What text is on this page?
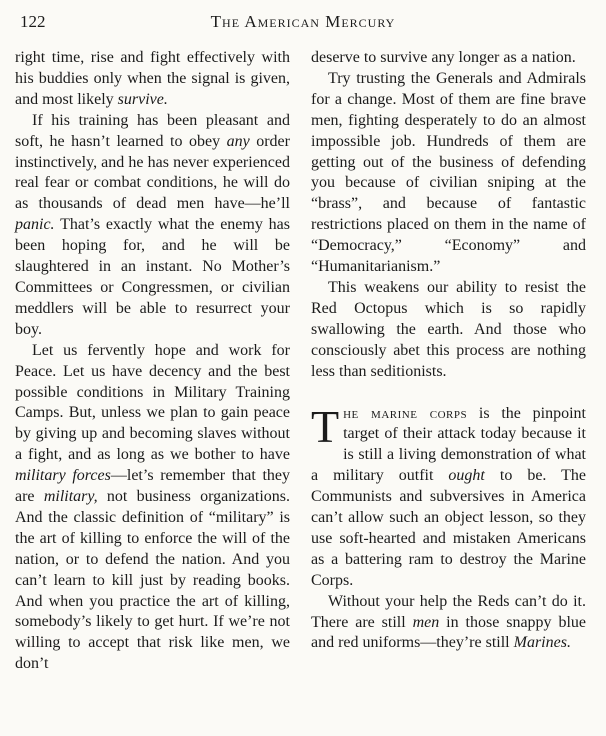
122	The American Mercury

right time, rise and fight effectively with his buddies only when the signal is given, and most likely survive.

If his training has been pleasant and soft, he hasn’t learned to obey any order instinctively, and he has never experienced real fear or combat conditions, he will do as thousands of dead men have—he’ll panic. That’s exactly what the enemy has been hoping for, and he will be slaughtered in an instant. No Mother’s Committees or Congressmen, or civilian meddlers will be able to resurrect your boy.

Let us fervently hope and work for Peace. Let us have decency and the best possible conditions in Military Training Camps. But, unless we plan to gain peace by giving up and becoming slaves without a fight, and as long as we bother to have military forces—let’s remember that they are military, not business organizations. And the classic definition of “military” is the art of killing to enforce the will of the nation, or to defend the nation. And you can’t learn to kill just by reading books. And when you practice the art of killing, somebody’s likely to get hurt. If we’re not willing to accept that risk like men, we don’t

deserve to survive any longer as a nation.

Try trusting the Generals and Admirals for a change. Most of them are fine brave men, fighting desperately to do an almost impossible job. Hundreds of them are getting out of the business of defending you because of civilian sniping at the “brass”, and because of fantastic restrictions placed on them in the name of “Democracy,” “Economy” and “Humanitarianism.”

This weakens our ability to resist the Red Octopus which is so rapidly swallowing the earth. And those who consciously abet this process are nothing less than seditionists.

The marine corps is the pinpoint target of their attack today because it is still a living demonstration of what a military outfit ought to be. The Communists and subversives in America can’t allow such an object lesson, so they use soft-hearted and mistaken Americans as a battering ram to destroy the Marine Corps.

Without your help the Reds can’t do it. There are still men in those snappy blue and red uniforms—they’re still Marines.
